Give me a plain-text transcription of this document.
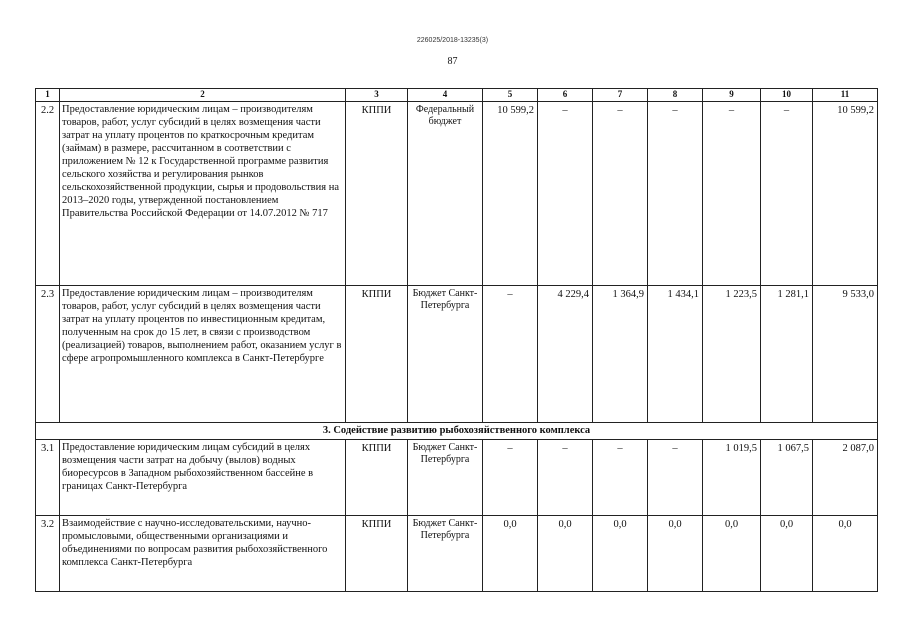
226025/2018-13235(3)
87
1	2	3	4	5	6	7	8	9	10	11
2.2	Предоставление юридическим лицам – производителям товаров, работ, услуг субсидий в целях возмещения части затрат на уплату процентов по краткосрочным кредитам (займам) в размере, рассчитанном в соответствии с приложением № 12 к Государственной программе развития сельского хозяйства и регулирования рынков сельскохозяйственной продукции, сырья и продовольствия на 2013–2020 годы, утвержденной постановлением Правительства Российской Федерации от 14.07.2012 № 717	КППИ	Федеральный бюджет	10 599,2	–	–	–	–	–	10 599,2
2.3	Предоставление юридическим лицам – производителям товаров, работ, услуг субсидий в целях возмещения части затрат на уплату процентов по инвестиционным кредитам, полученным на срок до 15 лет, в связи с производством (реализацией) товаров, выполнением работ, оказанием услуг в сфере агропромышленного комплекса в Санкт-Петербурге	КППИ	Бюджет Санкт-Петербурга	–	4 229,4	1 364,9	1 434,1	1 223,5	1 281,1	9 533,0
3. Содействие развитию рыбохозяйственного комплекса										
3.1	Предоставление юридическим лицам субсидий в целях возмещения части затрат на добычу (вылов) водных биоресурсов в Западном рыбохозяйственном бассейне в границах Санкт-Петербурга	КППИ	Бюджет Санкт-Петербурга	–	–	–	–	1 019,5	1 067,5	2 087,0
3.2	Взаимодействие с научно-исследовательскими, научно-промысловыми, общественными организациями и объединениями по вопросам развития рыбохозяйственного комплекса Санкт-Петербурга	КППИ	Бюджет Санкт-Петербурга	0,0	0,0	0,0	0,0	0,0	0,0	0,0
